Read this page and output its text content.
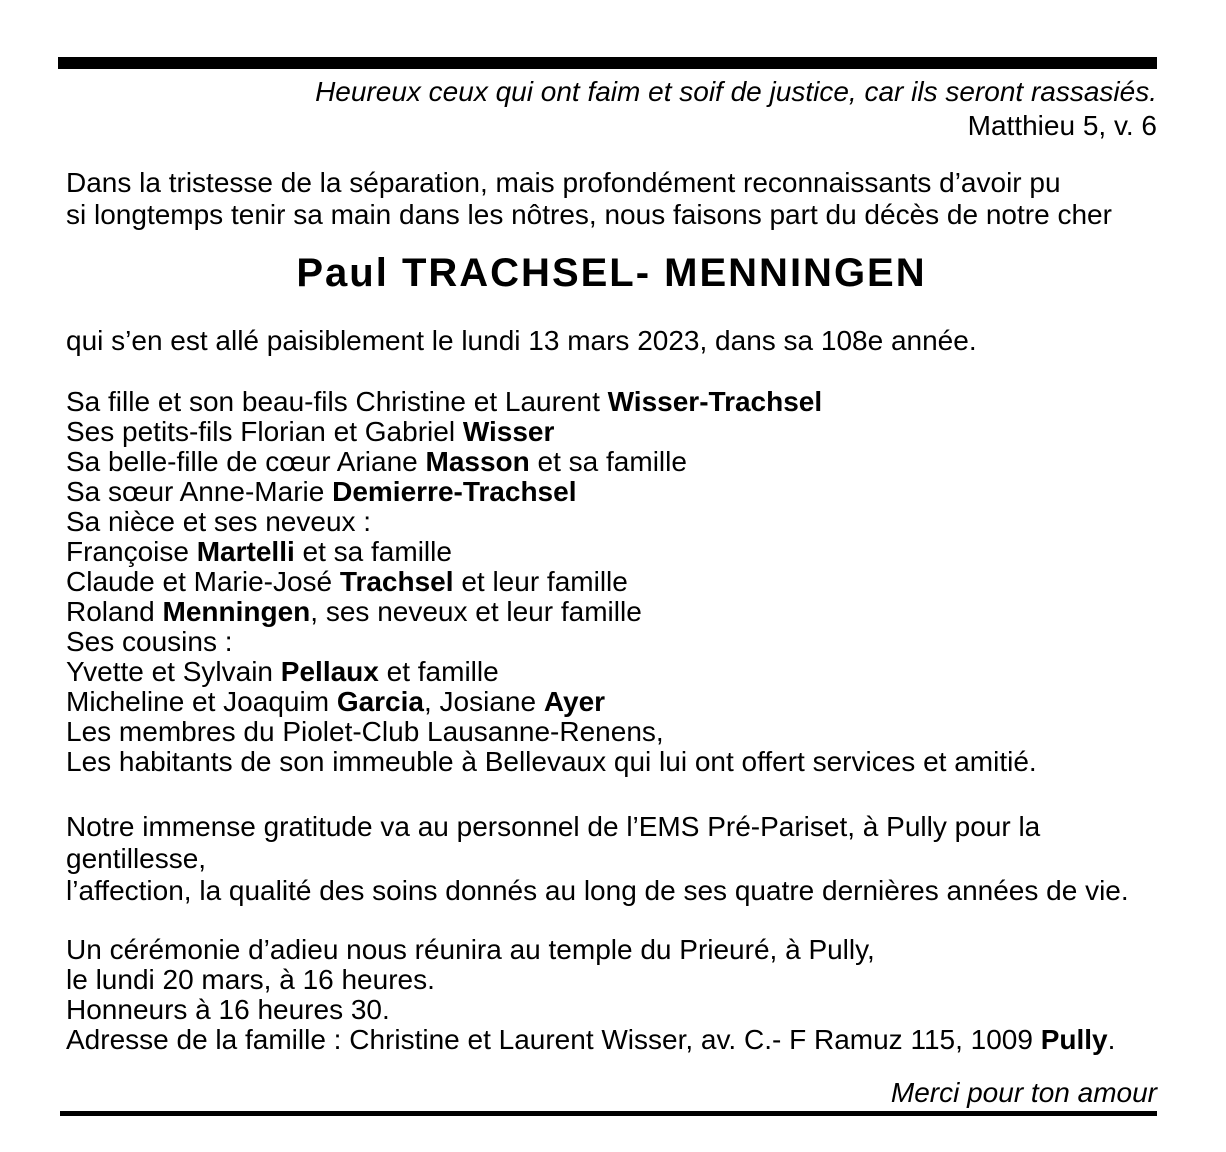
Heureux ceux qui ont faim et soif de justice, car ils seront rassasiés.
Matthieu 5, v. 6
Dans la tristesse de la séparation, mais profondément reconnaissants d’avoir pu
si longtemps tenir sa main dans les nôtres, nous faisons part du décès de notre cher
Paul TRACHSEL- MENNINGEN
qui s’en est allé paisiblement le lundi 13 mars 2023, dans sa 108e année.
Sa fille et son beau-fils Christine et Laurent Wisser-Trachsel
Ses petits-fils Florian et Gabriel Wisser
Sa belle-fille de cœur Ariane Masson et sa famille
Sa sœur Anne-Marie Demierre-Trachsel
Sa nièce et ses neveux :
Françoise Martelli et sa famille
Claude et Marie-José Trachsel et leur famille
Roland Menningen, ses neveux et leur famille
Ses cousins :
Yvette et Sylvain Pellaux et famille
Micheline et Joaquim Garcia, Josiane Ayer
Les membres du Piolet-Club Lausanne-Renens,
Les habitants de son immeuble à Bellevaux qui lui ont offert services et amitié.
Notre immense gratitude va au personnel de l’EMS Pré-Pariset, à Pully pour la gentillesse,
l’affection, la qualité des soins donnés au long de ses quatre dernières années de vie.
Un cérémonie d’adieu nous réunira au temple du Prieuré, à Pully,
le lundi 20 mars, à 16 heures.
Honneurs à 16 heures 30.
Adresse de la famille : Christine et Laurent Wisser, av. C.- F Ramuz 115, 1009 Pully.
Merci pour ton amour
